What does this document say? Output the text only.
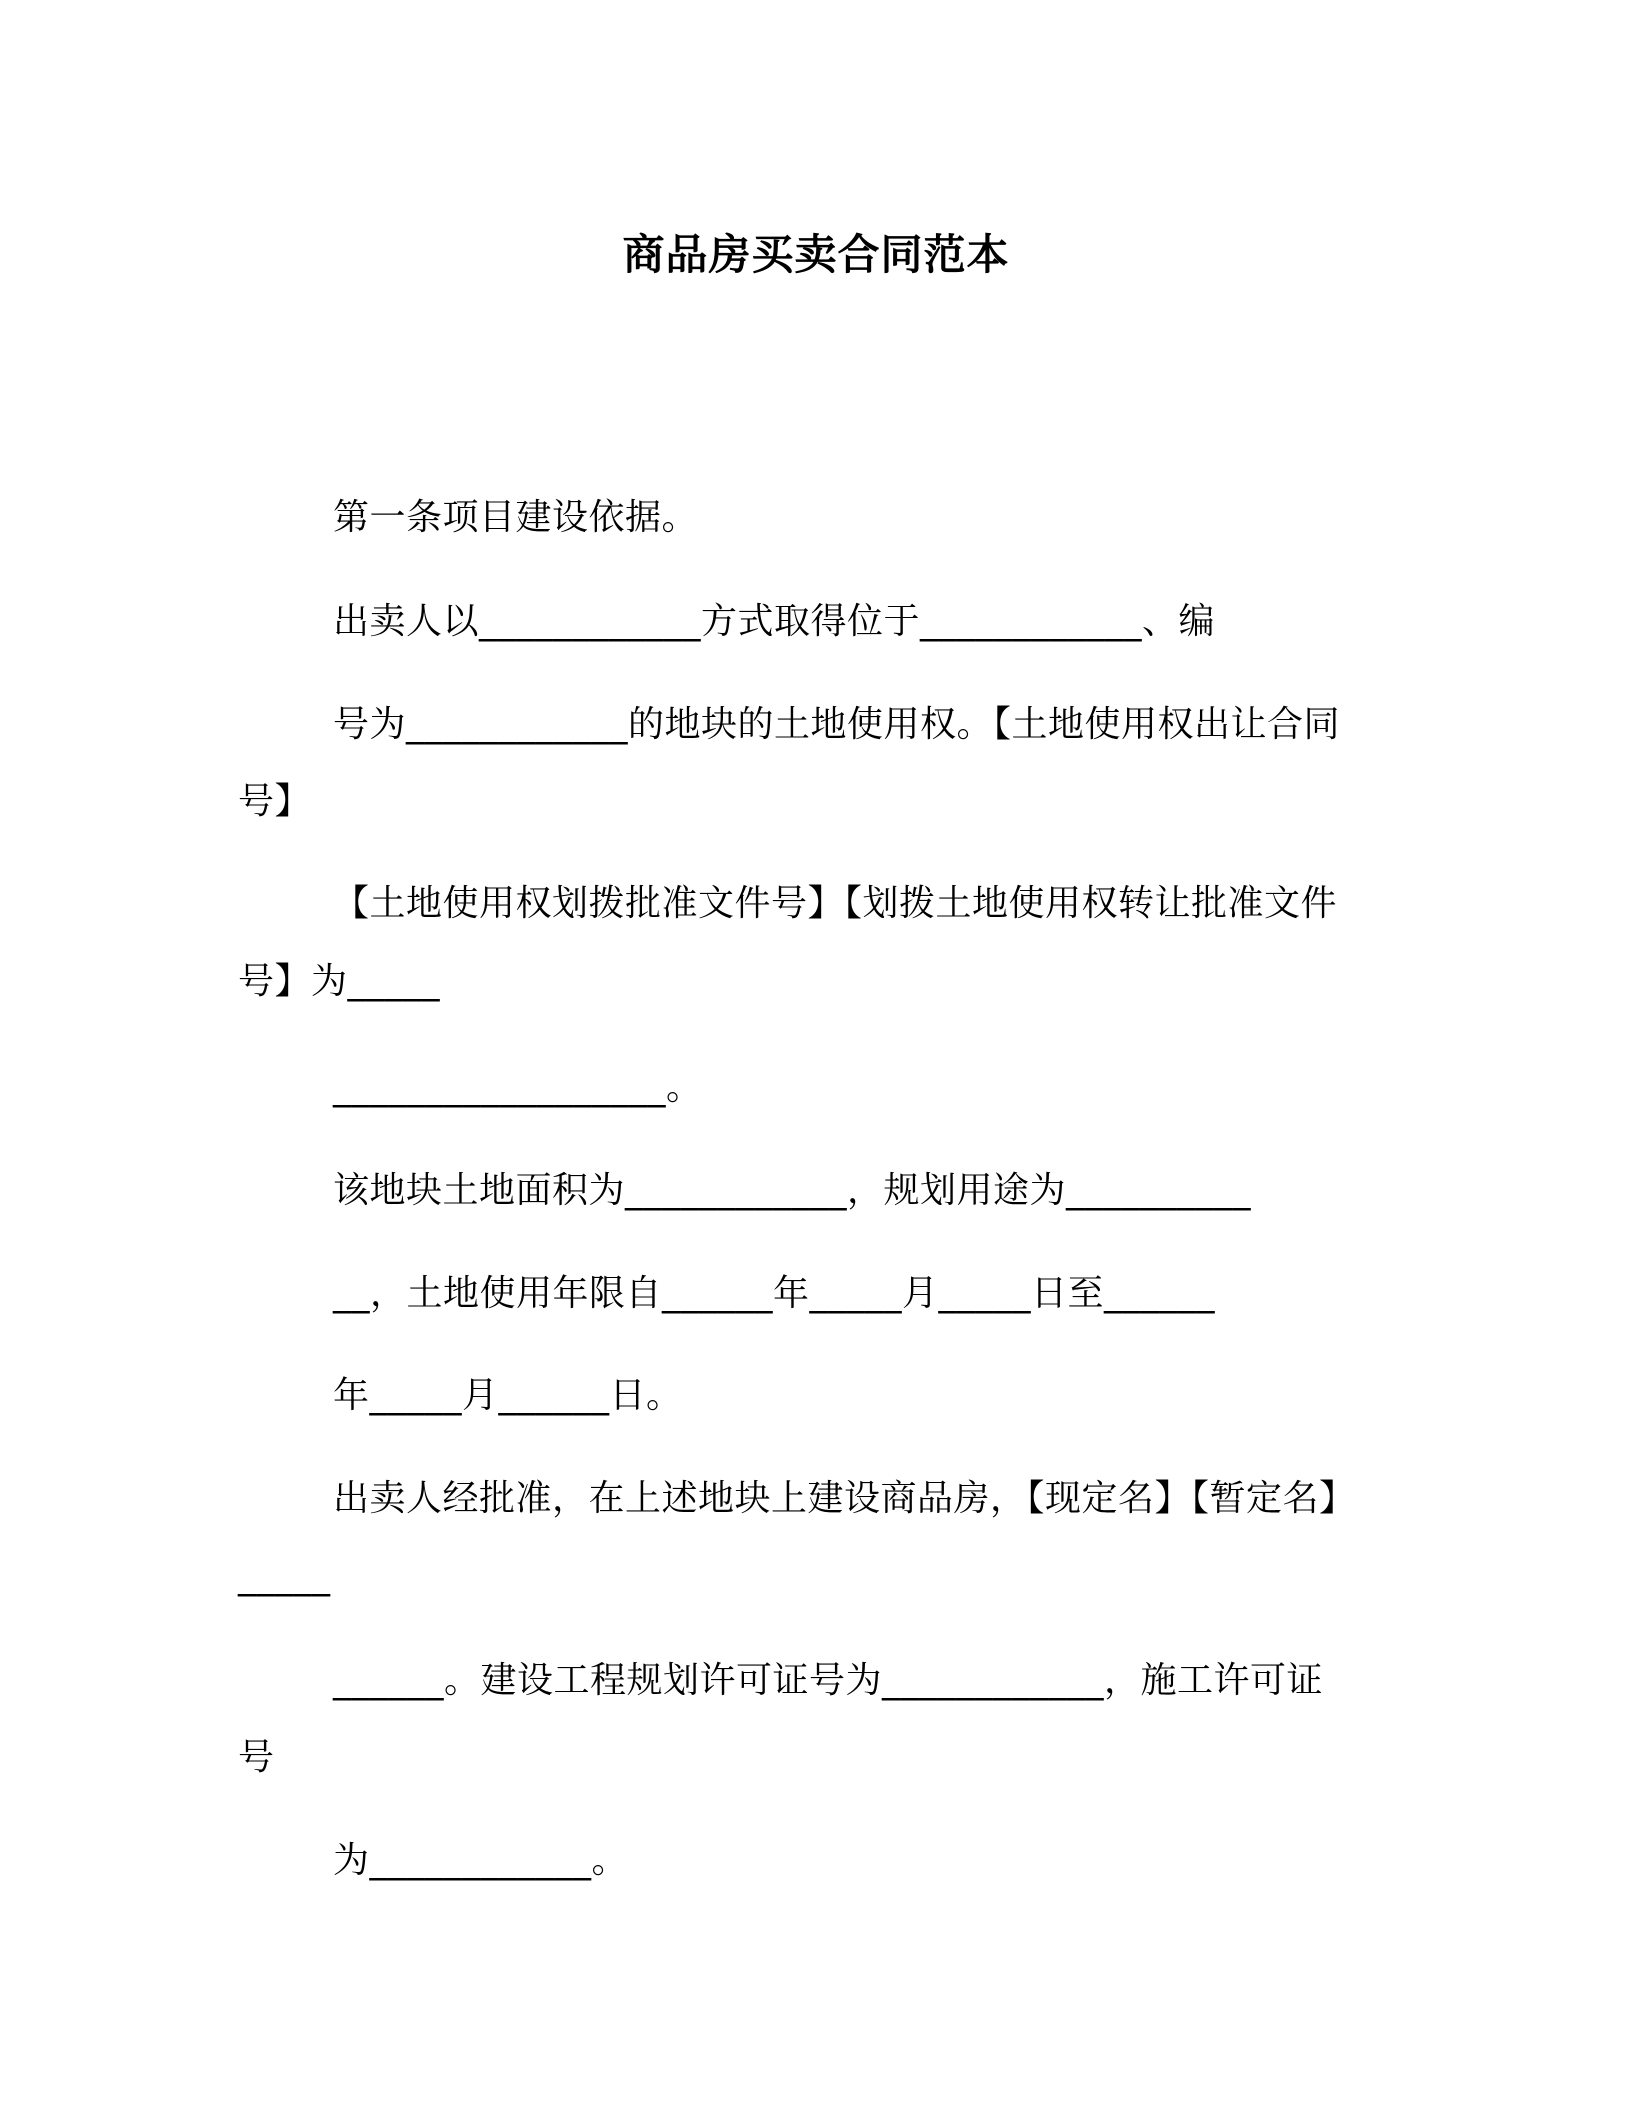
商品房买卖合同范本
第一条项目建设依据。
出卖人以____________方式取得位于____________、编
号为____________的地块的土地使用权。【土地使用权出让合同
号】
【土地使用权划拨批准文件号】【划拨土地使用权转让批准文件
号】为_____
__________________。
该地块土地面积为____________，规划用途为__________
__，土地使用年限自______年_____月_____日至______
年_____月______日。
出卖人经批准，在上述地块上建设商品房，【现定名】【暂定名】
_____
______。建设工程规划许可证号为____________，施工许可证
号
为____________。
